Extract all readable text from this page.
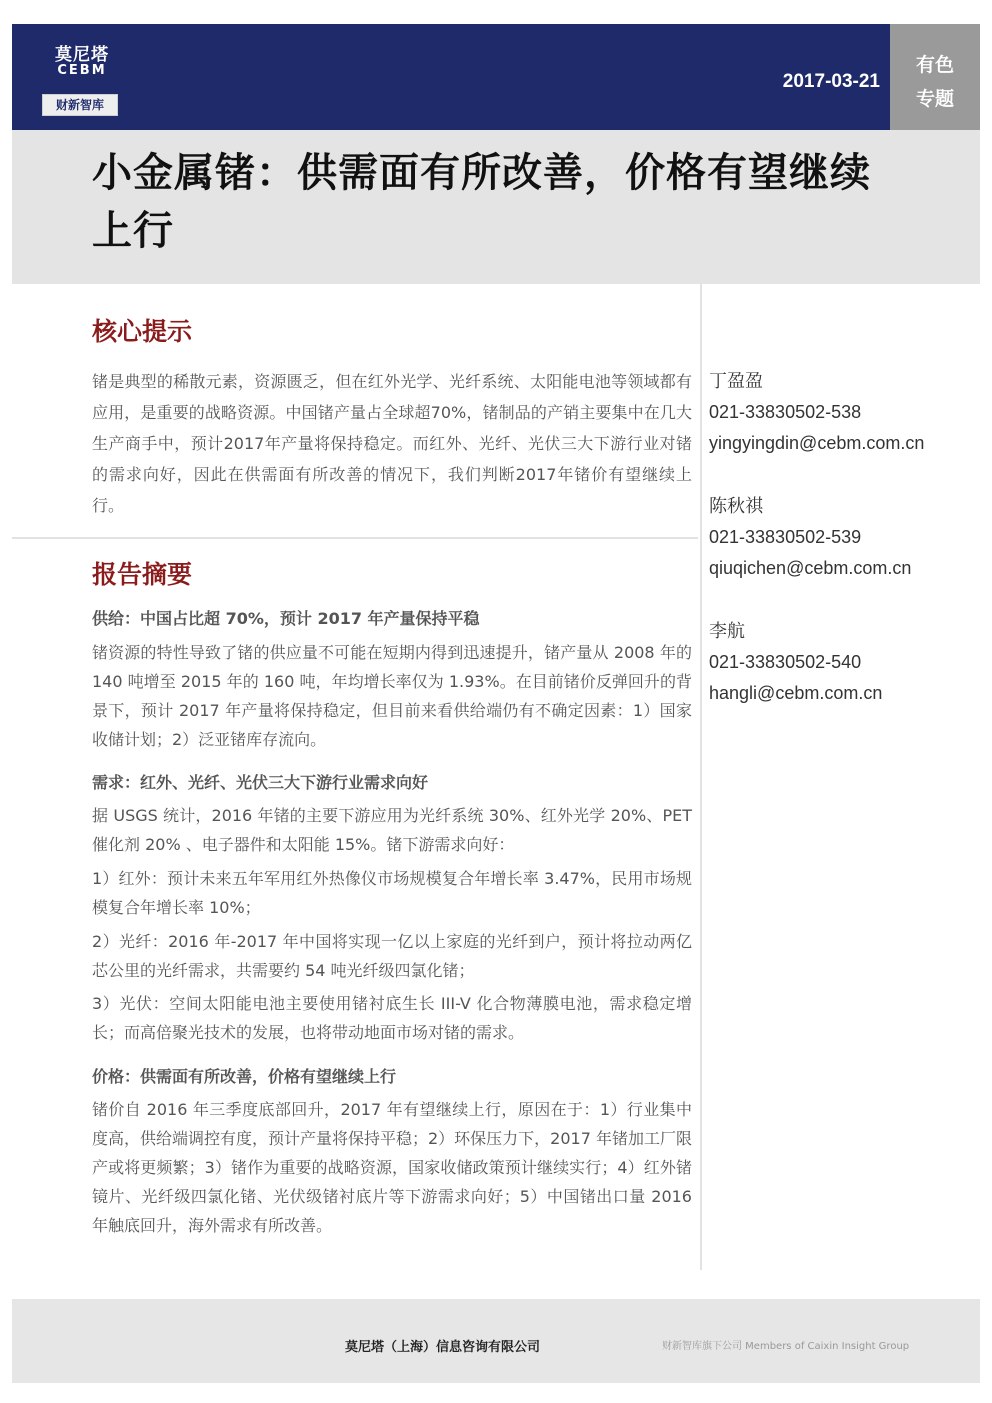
莫尼塔
CEBM
财新智库
2017-03-21
有色
专题
小金属锗：供需面有所改善，价格有望继续上行
核心提示

锗是典型的稀散元素，资源匮乏，但在红外光学、光纤系统、太阳能电池等领域都有应用，是重要的战略资源。中国锗产量占全球超70%，锗制品的产销主要集中在几大生产商手中，预计2017年产量将保持稳定。而红外、光纤、光伏三大下游行业对锗的需求向好，因此在供需面有所改善的情况下，我们判断2017年锗价有望继续上行。

报告摘要
供给：中国占比超 70%，预计 2017 年产量保持平稳

锗资源的特性导致了锗的供应量不可能在短期内得到迅速提升，锗产量从 2008 年的 140 吨增至 2015 年的 160 吨，年均增长率仅为 1.93%。在目前锗价反弹回升的背景下，预计 2017 年产量将保持稳定，但目前来看供给端仍有不确定因素：1）国家收储计划；2）泛亚锗库存流向。

需求：红外、光纤、光伏三大下游行业需求向好

据 USGS 统计，2016 年锗的主要下游应用为光纤系统 30%、红外光学 20%、PET 催化剂 20% 、电子器件和太阳能 15%。锗下游需求向好：

1）红外：预计未来五年军用红外热像仪市场规模复合年增长率 3.47%，民用市场规模复合年增长率 10%；

2）光纤：2016 年-2017 年中国将实现一亿以上家庭的光纤到户，预计将拉动两亿芯公里的光纤需求，共需要约 54 吨光纤级四氯化锗；

3）光伏：空间太阳能电池主要使用锗衬底生长 III-V 化合物薄膜电池，需求稳定增长；而高倍聚光技术的发展，也将带动地面市场对锗的需求。

价格：供需面有所改善，价格有望继续上行

锗价自 2016 年三季度底部回升，2017 年有望继续上行，原因在于：1）行业集中度高，供给端调控有度，预计产量将保持平稳；2）环保压力下，2017 年锗加工厂限产或将更频繁；3）锗作为重要的战略资源，国家收储政策预计继续实行；4）红外锗镜片、光纤级四氯化锗、光伏级锗衬底片等下游需求向好；5）中国锗出口量 2016 年触底回升，海外需求有所改善。

丁盈盈
021-33830502-538
yingyingdin@cebm.com.cn
陈秋祺
021-33830502-539
qiuqichen@cebm.com.cn
李航
021-33830502-540
hangli@cebm.com.cn
莫尼塔（上海）信息咨询有限公司	财新智库旗下公司 Members of Caixin Insight Group
